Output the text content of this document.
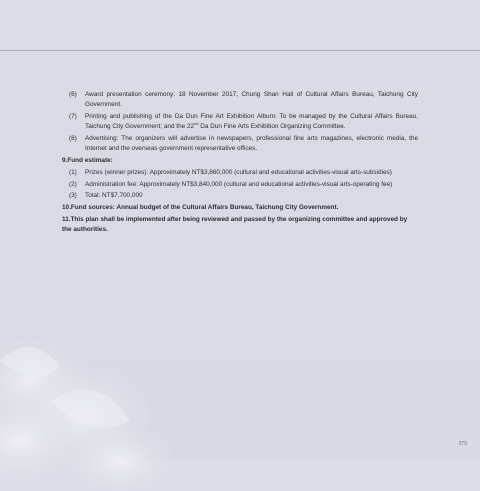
(6)	Award presentation ceremony: 18 November 2017, Chung Shan Hall of Cultural Affairs Bureau, Taichung City Government.
(7)	Printing and publishing of the Da Dun Fine Art Exhibition Album: To be managed by the Cultural Affairs Bureau, Taichung City Government; and the 22nd Da Dun Fine Arts Exhibition Organizing Committee.
(8)	Advertising: The organizers will advertise in newspapers, professional fine arts magazines, electronic media, the Internet and the overseas government representative offices.
9. Fund estimate:
(1)	Prizes (winner prizes): Approximately NT$3,860,000 (cultural and educational activities-visual arts-subsidies)
(2)	Administration fee: Approximately NT$3,840,000 (cultural and educational activities-visual arts-operating fee)
(3)	Total: NT$7,700,000
10. Fund sources: Annual budget of the Cultural Affairs Bureau, Taichung City Government.
11.This plan shall be implemented after being reviewed and passed by the organizing committee and approved by the authorities.
375
